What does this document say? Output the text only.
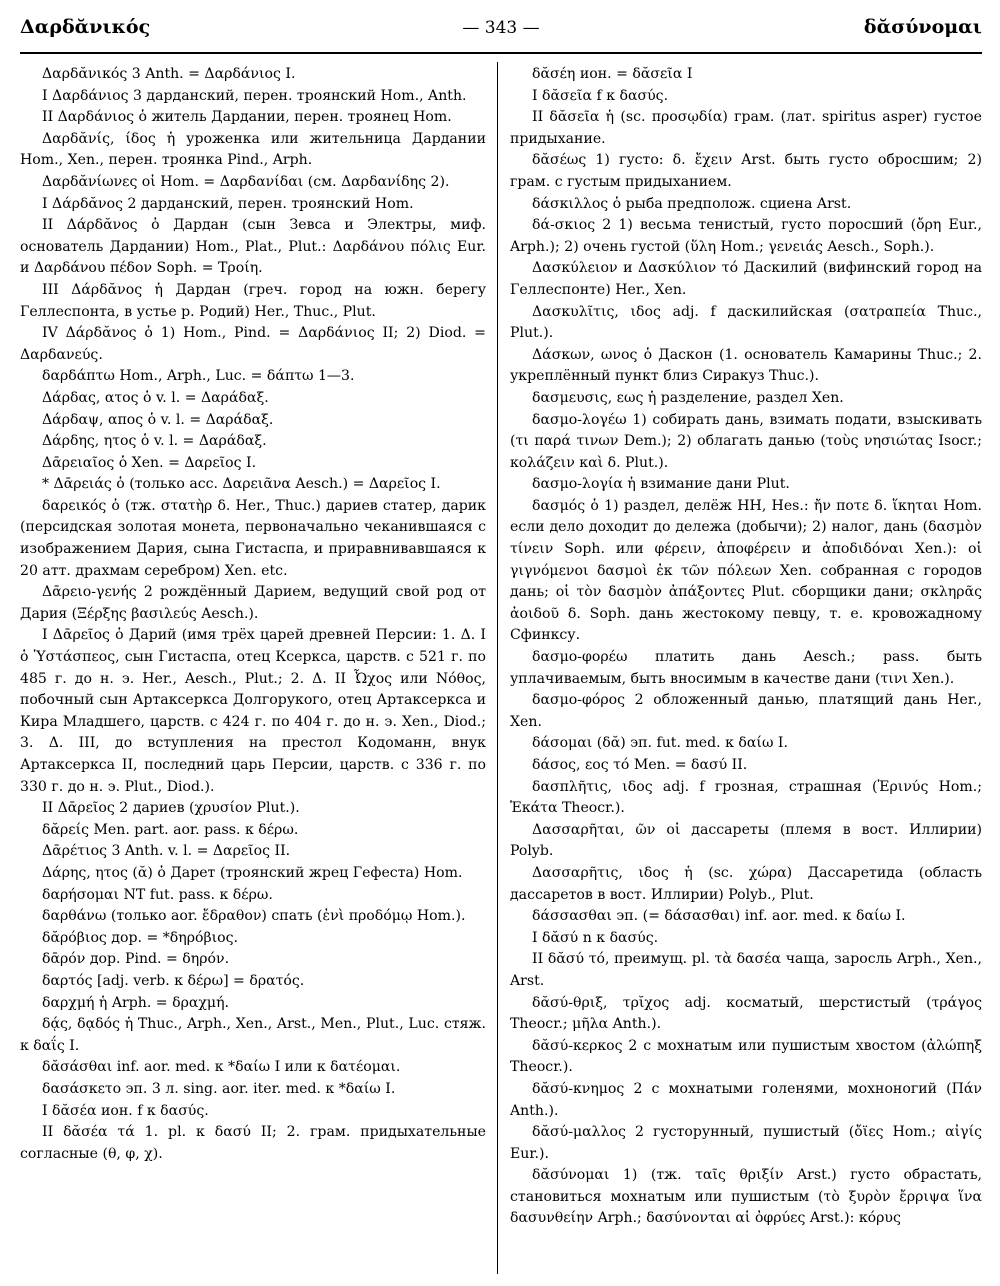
Δαρδᾰνικός	— 343 —	δᾰσύνομαι

Δαρδᾰνικός 3 Anth. = Δαρδάνιος I.

I Δαρδάνιος 3 дарданский, перен. троянский Hom., Anth.

II Δαρδάνιος ὁ житель Дардании, перен. троянец Hom.

Δαρδᾰνίς, ίδος ἡ уроженка или жительница Дардании Hom., Xen., перен. троянка Pind., Arph.

Δαρδᾰνίωνες οἱ Hom. = Δαρδανίδαι (см. Δαρδανίδης 2).

I Δάρδᾰνος 2 дарданский, перен. троянский Hom.

II Δάρδᾰνος ὁ Дардан (сын Зевса и Электры, миф. основатель Дардании) Hom., Plat., Plut.: Δαρδάνου πόλις Eur. и Δαρδάνου πέδον Soph. = Τροίη.

III Δάρδᾰνος ἡ Дардан (греч. город на южн. берегу Геллеспонта, в устье р. Родий) Her., Thuc., Plut.

IV Δάρδᾰνος ὁ 1) Hom., Pind. = Δαρδάνιος II; 2) Diod. = Δαρδανεύς.

δαρδάπτω Hom., Arph., Luc. = δάπτω 1—3.

Δάρδας, ατος ὁ v. l. = Δαράδαξ.

Δάρδαψ, απος ὁ v. l. = Δαράδαξ.

Δάρδης, ητος ὁ v. l. = Δαράδαξ.

Δᾱρειαῖος ὁ Xen. = Δαρεῖος I.

* Δᾱρειάς ὁ (только acc. Δαρειᾶνα Aesch.) = Δαρεῖος I.

δαρεικός ὁ (тж. στατὴρ δ. Her., Thuc.) дариев статер, дарик (персидская золотая монета, первоначально чеканившаяся с изображением Дария, сына Гистаспа, и приравнивавшаяся к 20 атт. драхмам серебром) Xen. etc.

Δᾱρειο-γενής 2 рождённый Дарием, ведущий свой род от Дария (Ξέρξης βασιλεύς Aesch.).

I Δᾱρεῖος ὁ Дарий (имя трёх царей древней Персии: 1. Δ. I ὁ Ὑστάσπεος, сын Гистаспа, отец Ксеркса, царств. с 521 г. по 485 г. до н. э. Her., Aesch., Plut.; 2. Δ. II Ὦχος или Νόθος, побочный сын Артаксеркса Долгорукого, отец Артаксеркса и Кира Младшего, царств. с 424 г. по 404 г. до н. э. Xen., Diod.; 3. Δ. III, до вступления на престол Кодоманн, внук Артаксеркса II, последний царь Персии, царств. с 336 г. по 330 г. до н. э. Plut., Diod.).

II Δᾱρεῖος 2 дариев (χρυσίον Plut.).

δᾰρείς Men. part. aor. pass. к δέρω.

Δᾱρέτιος 3 Anth. v. l. = Δαρεῖος II.

Δάρης, ητος (ᾰ) ὁ Дарет (троянский жрец Гефеста) Hom.

δαρήσομαι NT fut. pass. к δέρω.

δαρθάνω (только aor. ἔδραθον) спать (ἐνὶ προδόμῳ Hom.).

δᾰρόβιος дор. = *δηρόβιος.

δᾱρόν дор. Pind. = δηρόν.

δαρτός [adj. verb. к δέρω] = δρατός.

δαρχμή ἡ Arph. = δραχμή.

δᾴς, δᾳδός ἡ Thuc., Arph., Xen., Arst., Men., Plut., Luc. стяж. к δαΐς I.

δᾰσάσθαι inf. aor. med. к *δαίω I или к δατέομαι.

δασάσκετο эп. 3 л. sing. aor. iter. med. к *δαίω I.

I δᾰσέα ион. f к δασύς.

II δᾰσέα τά 1. pl. к δασύ II; 2. грам. придыхательные согласные (θ, φ, χ).

δᾰσέη ион. = δᾰσεῖα I

I δᾰσεῖα f к δασύς.

II δᾰσεῖα ἡ (sc. προσῳδία) грам. (лат. spiritus asper) густое придыхание.

δᾰσέως 1) густо: δ. ἔχειν Arst. быть густо обросшим; 2) грам. с густым придыханием.

δάσκιλλος ὁ рыба предполож. сциена Arst.

δά-σκιος 2 1) весьма тенистый, густо поросший (ὄρη Eur., Arph.); 2) очень густой (ὕλη Hom.; γενειάς Aesch., Soph.).

Δασκύλειον и Δασκύλιον τό Даскилий (вифинский город на Геллеспонте) Her., Xen.

Δασκυλῖτις, ιδος adj. f даскилийская (σατραπεία Thuc., Plut.).

Δάσκων, ωνος ὁ Даскон (1. основатель Камарины Thuc.; 2. укреплённый пункт близ Сиракуз Thuc.).

δασμευσις, εως ἡ разделение, раздел Xen.

δασμο-λογέω 1) собирать дань, взимать подати, взыскивать (τι παρά τινων Dem.); 2) облагать данью (τοὺς νησιώτας Isocr.; κολάζειν καὶ δ. Plut.).

δασμο-λογία ἡ взимание дани Plut.

δασμός ὁ 1) раздел, делёж HH, Hes.: ἤν ποτε δ. ἵκηται Hom. если дело доходит до дележа (добычи); 2) налог, дань (δασμὸν τίνειν Soph. или φέρειν, ἀποφέρειν и ἀποδιδόναι Xen.): οἱ γιγνόμενοι δασμοὶ ἐκ τῶν πόλεων Xen. собранная с городов дань; οἱ τὸν δασμὸν ἀπάξοντες Plut. сборщики дани; σκληρᾶς ἀοιδοῦ δ. Soph. дань жестокому певцу, т. е. кровожадному Сфинксу.

δασμο-φορέω платить дань Aesch.; pass. быть уплачиваемым, быть вносимым в качестве дани (τινι Xen.).

δασμο-φόρος 2 обложенный данью, платящий дань Her., Xen.

δάσομαι (δᾰ) эп. fut. med. к δαίω I.

δάσος, εος τό Men. = δασύ II.

δασπλῆτις, ιδος adj. f грозная, страшная (Ἐρινύς Hom.; Ἑκάτα Theocr.).

Δασσαρῆται, ῶν οἱ дассареты (племя в вост. Иллирии) Polyb.

Δασσαρῆτις, ιδος ἡ (sc. χώρα) Дассаретида (область дассаретов в вост. Иллирии) Polyb., Plut.

δάσσασθαι эп. (= δάσασθαι) inf. aor. med. к δαίω I.

I δᾰσύ n к δασύς.

II δᾰσύ τό, преимущ. pl. τὰ δασέα чаща, заросль Arph., Xen., Arst.

δᾰσύ-θριξ, τρῐχος adj. косматый, шерстистый (τράγος Theocr.; μῆλα Anth.).

δᾰσύ-κερκος 2 с мохнатым или пушистым хвостом (ἀλώπηξ Theocr.).

δᾰσύ-κνημος 2 с мохнатыми голенями, мохноногий (Πάν Anth.).

δᾰσύ-μαλλος 2 густорунный, пушистый (ὄϊες Hom.; αἰγίς Eur.).

δᾰσύνομαι 1) (тж. ταῖς θριξίν Arst.) густо обрастать, становиться мохнатым или пушистым (τὸ ξυρὸν ἔρριψα ἵνα δασυνθείην Arph.; δασύνονται αἱ ὀφρύες Arst.): κόρυς
